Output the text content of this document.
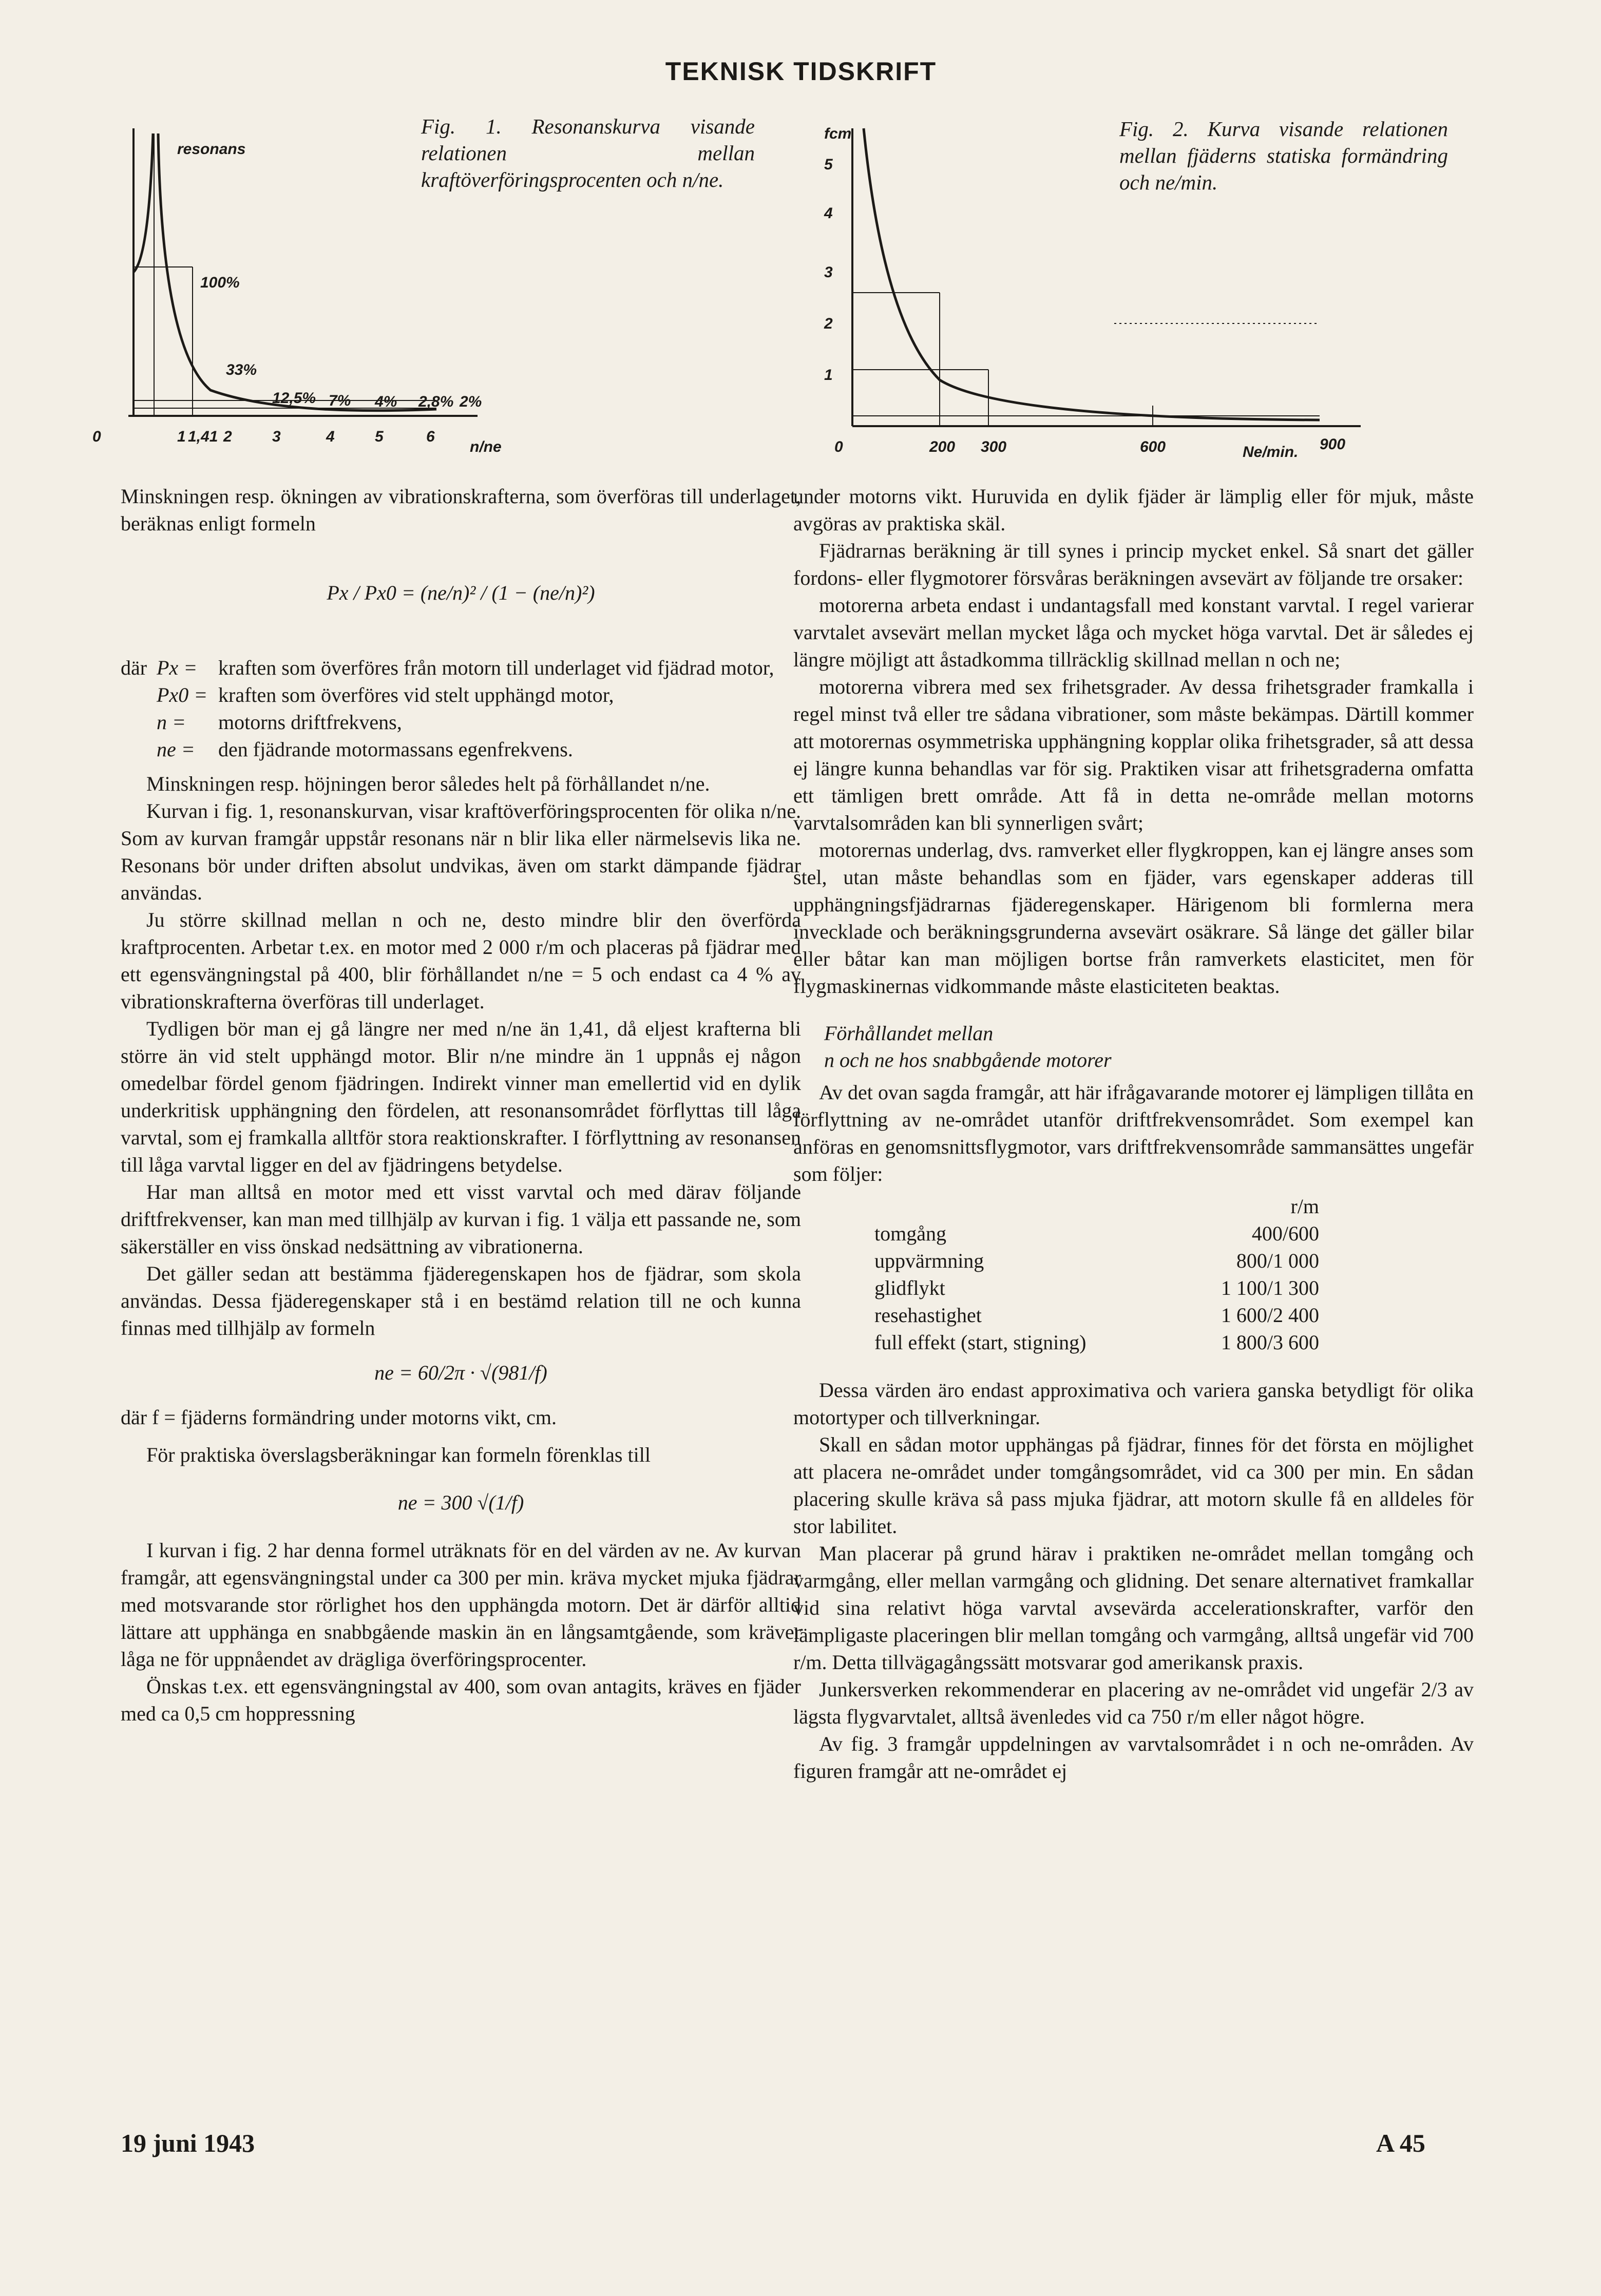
TEKNISK TIDSKRIFT
resonans
100%
33%
12,5% 7% 4% 2,8% 2%
0	1 1,41 2	3	4	5	6
n/ne
Fig. 1. Resonanskurva visande relationen mellan kraftöverföringsprocenten och n/ne.
fcm
5
4
3
2
1
0	200 300	600	900
Ne/min.
Fig. 2. Kurva visande relationen mellan fjäderns statiska formändring och ne/min.

Minskningen resp. ökningen av vibrationskrafterna, som överföras till underlaget, beräknas enligt formeln

Px / Px0 = (ne/n)² / (1 − (ne/n)²)
där Px =	kraften som överföres från motorn till underlaget vid fjädrad motor,
Px0 = kraften som överföres vid stelt upphängd motor,
n =	motorns driftfrekvens,
ne =	den fjädrande motormassans egenfrekvens.

Minskningen resp. höjningen beror således helt på förhållandet n/ne.

Kurvan i fig. 1, resonanskurvan, visar kraftöverföringsprocenten för olika n/ne. Som av kurvan framgår uppstår resonans när n blir lika eller närmelsevis lika ne. Resonans bör under driften absolut undvikas, även om starkt dämpande fjädrar användas.

Ju större skillnad mellan n och ne, desto mindre blir den överförda kraftprocenten. Arbetar t.ex. en motor med 2 000 r/m och placeras på fjädrar med ett egensvängningstal på 400, blir förhållandet n/ne = 5 och endast ca 4 % av vibrationskrafterna överföras till underlaget.

Tydligen bör man ej gå längre ner med n/ne än 1,41, då eljest krafterna bli större än vid stelt upphängd motor. Blir n/ne mindre än 1 uppnås ej någon omedelbar fördel genom fjädringen. Indirekt vinner man emellertid vid en dylik underkritisk upphängning den fördelen, att resonansområdet förflyttas till låga varvtal, som ej framkalla alltför stora reaktionskrafter. I förflyttning av resonansen till låga varvtal ligger en del av fjädringens betydelse.

Har man alltså en motor med ett visst varvtal och med därav följande driftfrekvenser, kan man med tillhjälp av kurvan i fig. 1 välja ett passande ne, som säkerställer en viss önskad nedsättning av vibrationerna.

Det gäller sedan att bestämma fjäderegenskapen hos de fjädrar, som skola användas. Dessa fjäderegenskaper stå i en bestämd relation till ne och kunna finnas med tillhjälp av formeln

ne = 60/2π · √(981/f)

där f = fjäderns formändring under motorns vikt, cm.

För praktiska överslagsberäkningar kan formeln förenklas till

ne = 300 √(1/f)

I kurvan i fig. 2 har denna formel uträknats för en del värden av ne. Av kurvan framgår, att egensvängningstal under ca 300 per min. kräva mycket mjuka fjädrar med motsvarande stor rörlighet hos den upphängda motorn. Det är därför alltid lättare att upphänga en snabbgående maskin än en långsamtgående, som kräver låga ne för uppnåendet av drägliga överföringsprocenter.

Önskas t.ex. ett egensvängningstal av 400, som ovan antagits, kräves en fjäder med ca 0,5 cm hoppressning

under motorns vikt. Huruvida en dylik fjäder är lämplig eller för mjuk, måste avgöras av praktiska skäl.

Fjädrarnas beräkning är till synes i princip mycket enkel. Så snart det gäller fordons- eller flygmotorer försvåras beräkningen avsevärt av följande tre orsaker:

motorerna arbeta endast i undantagsfall med konstant varvtal. I regel varierar varvtalet avsevärt mellan mycket låga och mycket höga varvtal. Det är således ej längre möjligt att åstadkomma tillräcklig skillnad mellan n och ne;

motorerna vibrera med sex frihetsgrader. Av dessa frihetsgrader framkalla i regel minst två eller tre sådana vibrationer, som måste bekämpas. Därtill kommer att motorernas osymmetriska upphängning kopplar olika frihetsgrader, så att dessa ej längre kunna behandlas var för sig. Praktiken visar att frihetsgraderna omfatta ett tämligen brett område. Att få in detta ne-område mellan motorns varvtalsområden kan bli synnerligen svårt;

motorernas underlag, dvs. ramverket eller flygkroppen, kan ej längre anses som stel, utan måste behandlas som en fjäder, vars egenskaper adderas till upphängningsfjädrarnas fjäderegenskaper. Härigenom bli formlerna mera invecklade och beräkningsgrunderna avsevärt osäkrare. Så länge det gäller bilar eller båtar kan man möjligen bortse från ramverkets elasticitet, men för flygmaskinernas vidkommande måste elasticiteten beaktas.

Förhållandet mellan
n och ne hos snabbgående motorer

Av det ovan sagda framgår, att här ifrågavarande motorer ej lämpligen tillåta en förflyttning av ne-området utanför driftfrekvensområdet. Som exempel kan anföras en genomsnittsflygmotor, vars driftfrekvensområde sammansättes ungefär som följer:

	r/m
tomgång	400/600
uppvärmning	800/1 000
glidflykt	1 100/1 300
resehastighet	1 600/2 400
full effekt (start, stigning)	1 800/3 600

Dessa värden äro endast approximativa och variera ganska betydligt för olika motortyper och tillverkningar.

Skall en sådan motor upphängas på fjädrar, finnes för det första en möjlighet att placera ne-området under tomgångsområdet, vid ca 300 per min. En sådan placering skulle kräva så pass mjuka fjädrar, att motorn skulle få en alldeles för stor labilitet.

Man placerar på grund härav i praktiken ne-området mellan tomgång och varmgång, eller mellan varmgång och glidning. Det senare alternativet framkallar vid sina relativt höga varvtal avsevärda accelerationskrafter, varför den lämpligaste placeringen blir mellan tomgång och varmgång, alltså ungefär vid 700 r/m. Detta tillvägagångssätt motsvarar god amerikansk praxis.

Junkersverken rekommenderar en placering av ne-området vid ungefär 2/3 av lägsta flygvarvtalet, alltså ävenledes vid ca 750 r/m eller något högre.

Av fig. 3 framgår uppdelningen av varvtalsområdet i n och ne-områden. Av figuren framgår att ne-området ej

19 juni 1943	A 45
